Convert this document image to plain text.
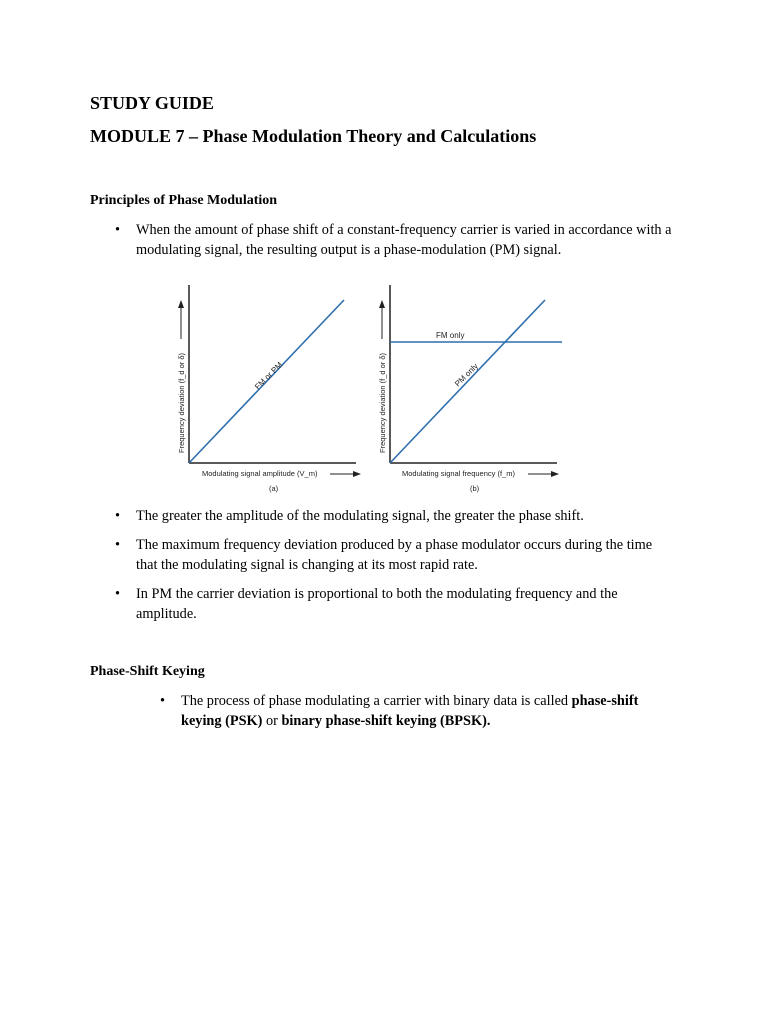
STUDY GUIDE
MODULE 7 – Phase Modulation Theory and Calculations
Principles of Phase Modulation
• When the amount of phase shift of a constant-frequency carrier is varied in accordance with a modulating signal, the resulting output is a phase-modulation (PM) signal.
Frequency deviation (f_d or δ)	FM or PM
Modulating signal amplitude (V_m)
(a)
Frequency deviation (f_d or δ)
FM only
PM only
Modulating signal frequency (f_m)
(b)
• The greater the amplitude of the modulating signal, the greater the phase shift.
• The maximum frequency deviation produced by a phase modulator occurs during the time that the modulating signal is changing at its most rapid rate.
• In PM the carrier deviation is proportional to both the modulating frequency and the amplitude.
Phase-Shift Keying
• The process of phase modulating a carrier with binary data is called phase-shift keying (PSK) or binary phase-shift keying (BPSK).
